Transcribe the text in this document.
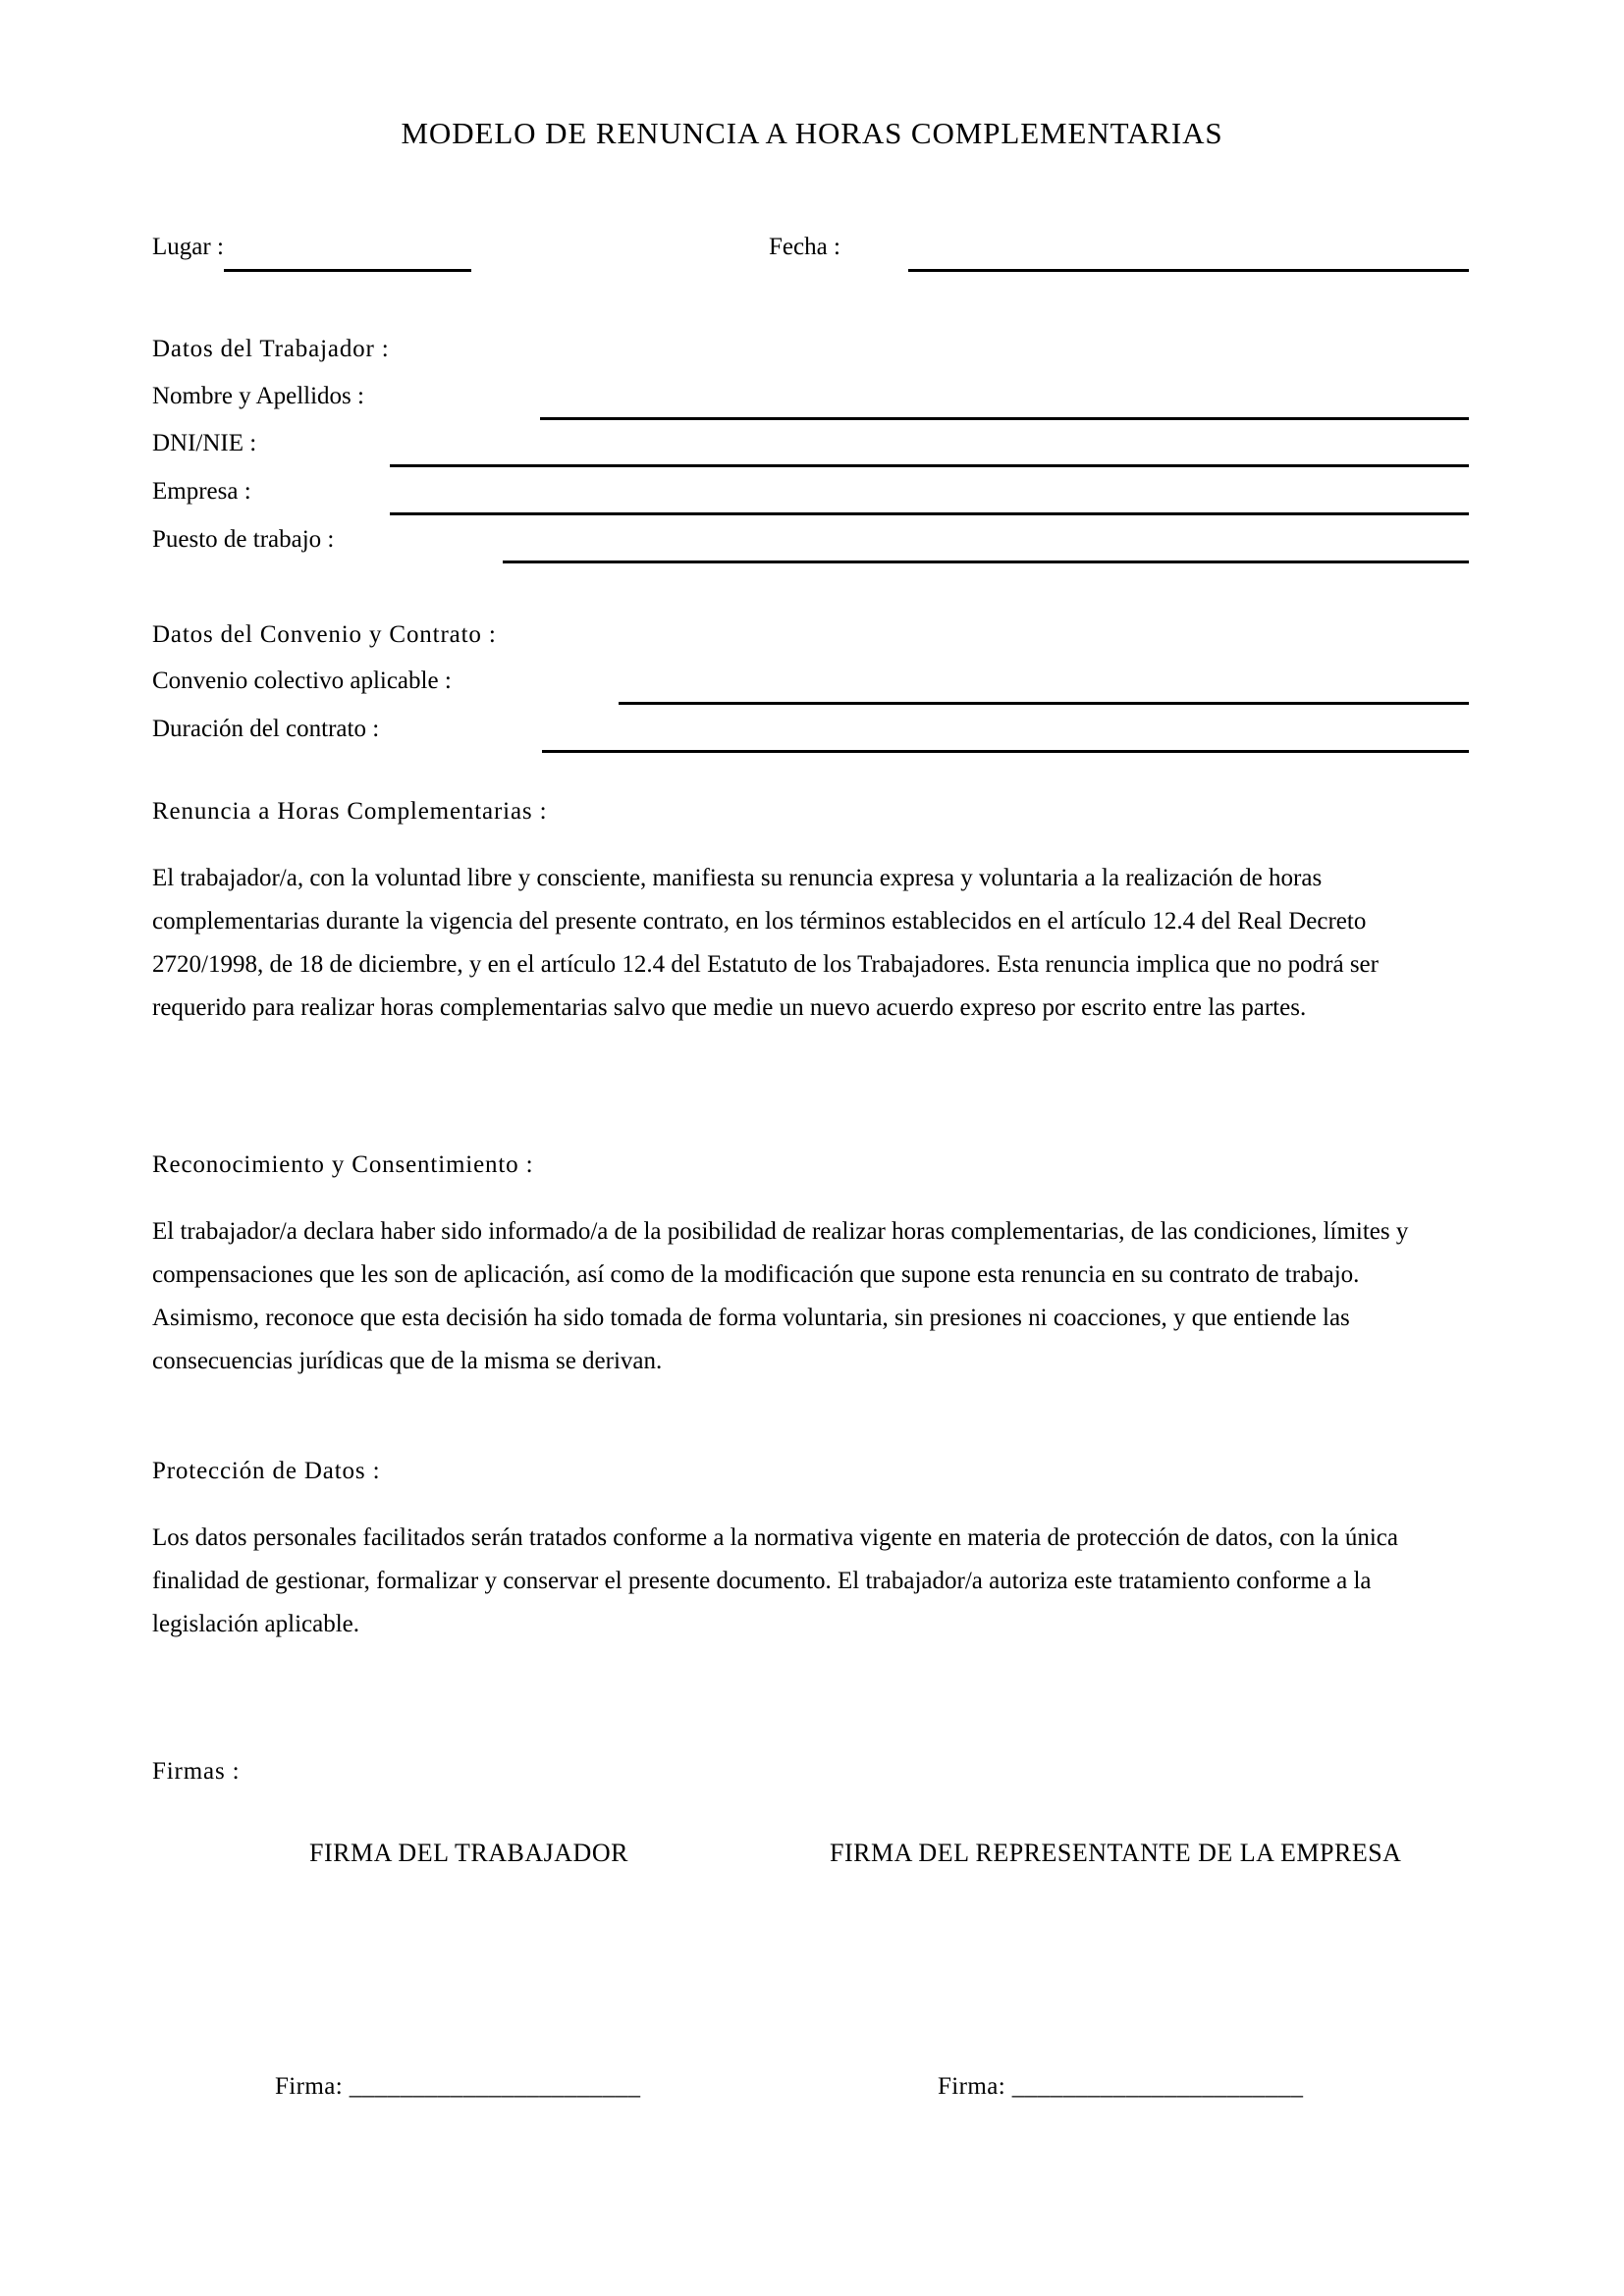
MODELO DE RENUNCIA A HORAS COMPLEMENTARIAS
Lugar :	Fecha :
Datos del Trabajador :
Nombre y Apellidos :
DNI/NIE :
Empresa :
Puesto de trabajo :
Datos del Convenio y Contrato :
Convenio colectivo aplicable :
Duración del contrato :
Renuncia a Horas Complementarias :
El trabajador/a, con la voluntad libre y consciente, manifiesta su renuncia expresa y voluntaria a la realización de horas complementarias durante la vigencia del presente contrato, en los términos establecidos en el artículo 12.4 del Real Decreto 2720/1998, de 18 de diciembre, y en el artículo 12.4 del Estatuto de los Trabajadores. Esta renuncia implica que no podrá ser requerido para realizar horas complementarias salvo que medie un nuevo acuerdo expreso por escrito entre las partes.
Reconocimiento y Consentimiento :
El trabajador/a declara haber sido informado/a de la posibilidad de realizar horas complementarias, de las condiciones, límites y compensaciones que les son de aplicación, así como de la modificación que supone esta renuncia en su contrato de trabajo. Asimismo, reconoce que esta decisión ha sido tomada de forma voluntaria, sin presiones ni coacciones, y que entiende las consecuencias jurídicas que de la misma se derivan.
Protección de Datos :
Los datos personales facilitados serán tratados conforme a la normativa vigente en materia de protección de datos, con la única finalidad de gestionar, formalizar y conservar el presente documento. El trabajador/a autoriza este tratamiento conforme a la legislación aplicable.
Firmas :
FIRMA DEL TRABAJADOR	FIRMA DEL REPRESENTANTE DE LA EMPRESA
Firma: _______________________	Firma: _______________________
